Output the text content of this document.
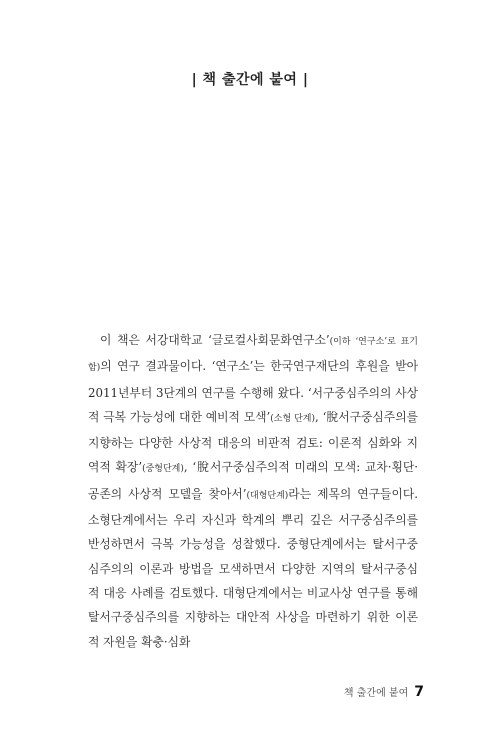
| 책 출간에 붙여 |

이 책은 서강대학교 ‘글로컬사회문화연구소’(이하 ‘연구소’로 표기함)의 연구 결과물이다. ‘연구소’는 한국연구재단의 후원을 받아 2011년부터 3단계의 연구를 수행해 왔다. ‘서구중심주의의 사상적 극복 가능성에 대한 예비적 모색’(소형 단계), ‘脫서구중심주의를 지향하는 다양한 사상적 대응의 비판적 검토: 이론적 심화와 지역적 확장’(중형단계), ‘脫서구중심주의적 미래의 모색: 교차·횡단·공존의 사상적 모델을 찾아서’(대형단계)라는 제목의 연구들이다. 소형단계에서는 우리 자신과 학계의 뿌리 깊은 서구중심주의를 반성하면서 극복 가능성을 성찰했다. 중형단계에서는 탈서구중심주의의 이론과 방법을 모색하면서 다양한 지역의 탈서구중심적 대응 사례를 검토했다. 대형단계에서는 비교사상 연구를 통해 탈서구중심주의를 지향하는 대안적 사상을 마련하기 위한 이론적 자원을 확충·심화

책 출간에 붙여 7
